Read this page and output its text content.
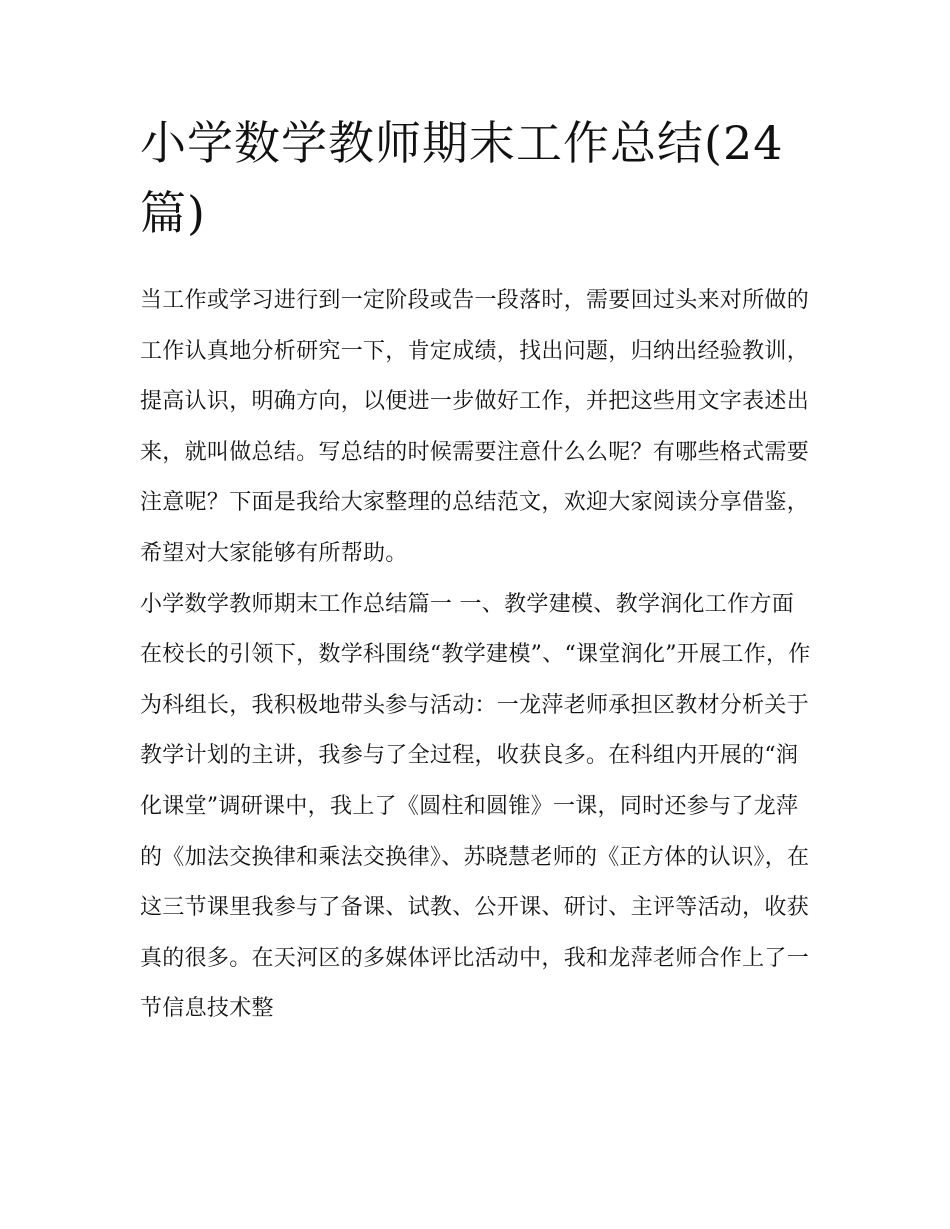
小学数学教师期末工作总结(24篇)

当工作或学习进行到一定阶段或告一段落时，需要回过头来对所做的工作认真地分析研究一下，肯定成绩，找出问题，归纳出经验教训，提高认识，明确方向，以便进一步做好工作，并把这些用文字表述出来，就叫做总结。写总结的时候需要注意什么么呢？有哪些格式需要注意呢？下面是我给大家整理的总结范文，欢迎大家阅读分享借鉴，希望对大家能够有所帮助。

小学数学教师期末工作总结篇一 一、教学建模、教学润化工作方面

在校长的引领下，数学科围绕“教学建模”、“课堂润化”开展工作，作为科组长，我积极地带头参与活动：一龙萍老师承担区教材分析关于教学计划的主讲，我参与了全过程，收获良多。在科组内开展的“润化课堂”调研课中，我上了《圆柱和圆锥》一课，同时还参与了龙萍的《加法交换律和乘法交换律》、苏晓慧老师的《正方体的认识》，在这三节课里我参与了备课、试教、公开课、研讨、主评等活动，收获真的很多。在天河区的多媒体评比活动中，我和龙萍老师合作上了一节信息技术整
